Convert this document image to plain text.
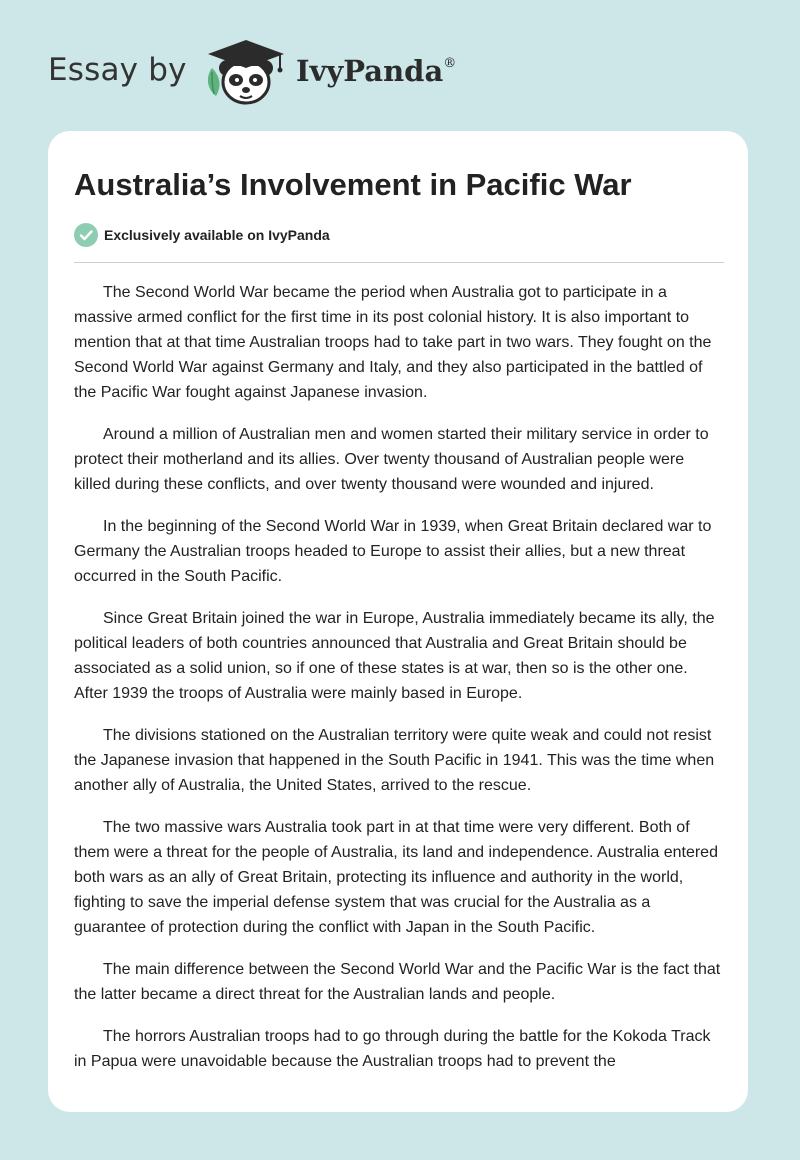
Essay by	IvyPanda®
Australia’s Involvement in Pacific War
Exclusively available on IvyPanda

The Second World War became the period when Australia got to participate in a massive armed conflict for the first time in its post colonial history. It is also important to mention that at that time Australian troops had to take part in two wars. They fought on the Second World War against Germany and Italy, and they also participated in the battled of the Pacific War fought against Japanese invasion.

Around a million of Australian men and women started their military service in order to protect their motherland and its allies. Over twenty thousand of Australian people were killed during these conflicts, and over twenty thousand were wounded and injured.

In the beginning of the Second World War in 1939, when Great Britain declared war to Germany the Australian troops headed to Europe to assist their allies, but a new threat occurred in the South Pacific.

Since Great Britain joined the war in Europe, Australia immediately became its ally, the political leaders of both countries announced that Australia and Great Britain should be associated as a solid union, so if one of these states is at war, then so is the other one. After 1939 the troops of Australia were mainly based in Europe.

The divisions stationed on the Australian territory were quite weak and could not resist the Japanese invasion that happened in the South Pacific in 1941. This was the time when another ally of Australia, the United States, arrived to the rescue.

The two massive wars Australia took part in at that time were very different. Both of them were a threat for the people of Australia, its land and independence. Australia entered both wars as an ally of Great Britain, protecting its influence and authority in the world, fighting to save the imperial defense system that was crucial for the Australia as a guarantee of protection during the conflict with Japan in the South Pacific.

The main difference between the Second World War and the Pacific War is the fact that the latter became a direct threat for the Australian lands and people.

The horrors Australian troops had to go through during the battle for the Kokoda Track in Papua were unavoidable because the Australian troops had to prevent the
